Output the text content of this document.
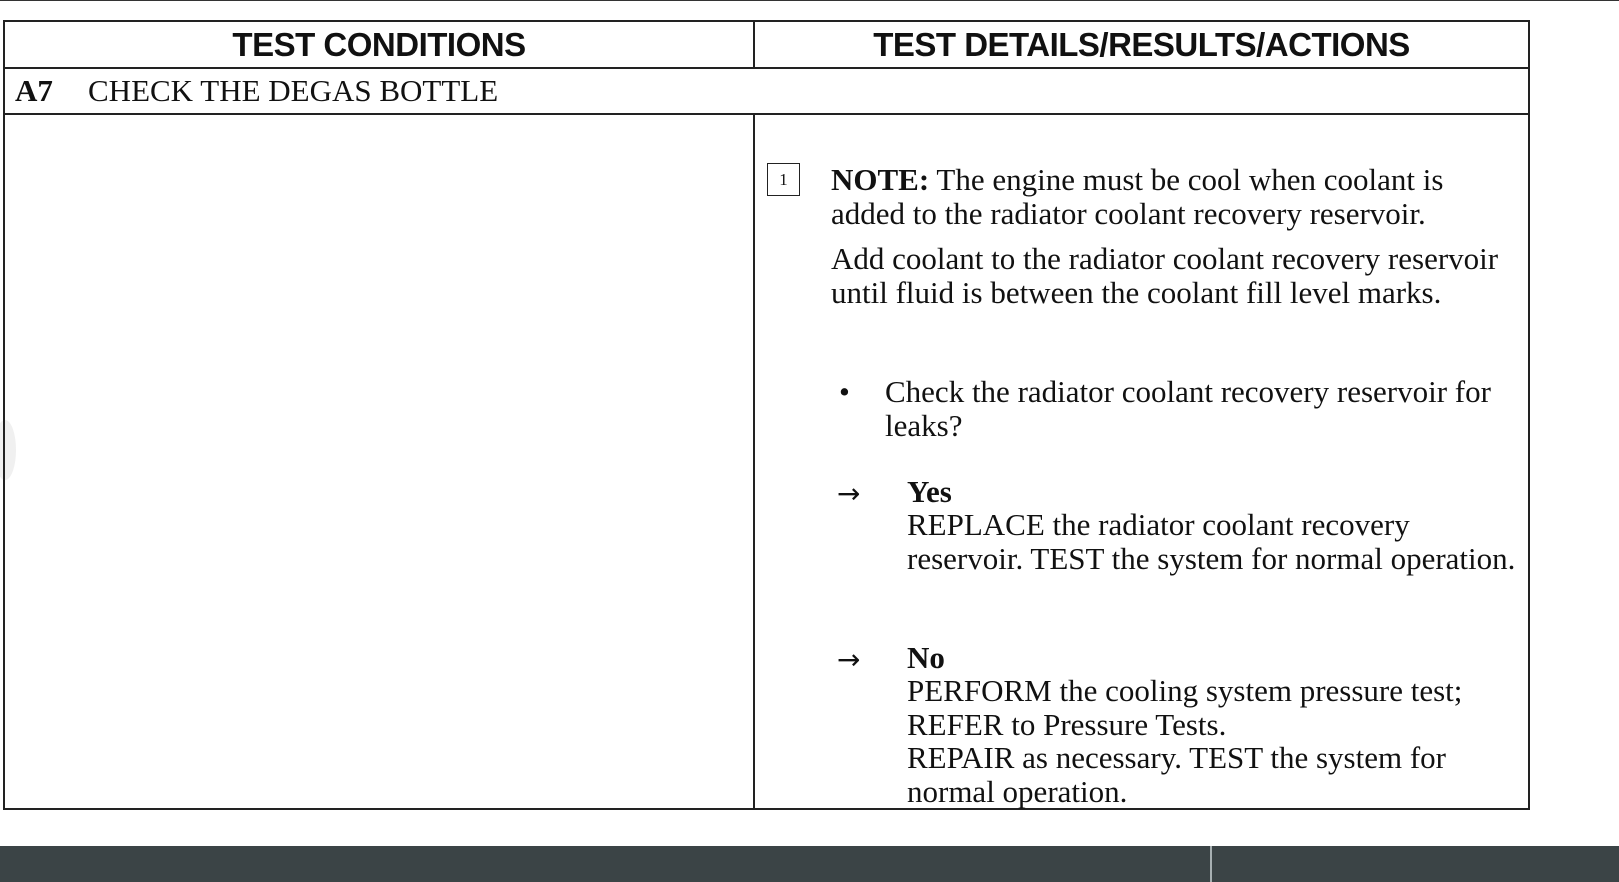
TEST CONDITIONS	TEST DETAILS/RESULTS/ACTIONS
A7 CHECK THE DEGAS BOTTLE
1	NOTE: The engine must be cool when coolant is added to the radiator coolant recovery reservoir.
Add coolant to the radiator coolant recovery reservoir until fluid is between the coolant fill level marks.
• Check the radiator coolant recovery reservoir for leaks?
→ Yes
REPLACE the radiator coolant recovery reservoir. TEST the system for normal operation.
→ No
PERFORM the cooling system pressure test; REFER to Pressure Tests.
REPAIR as necessary. TEST the system for normal operation.
